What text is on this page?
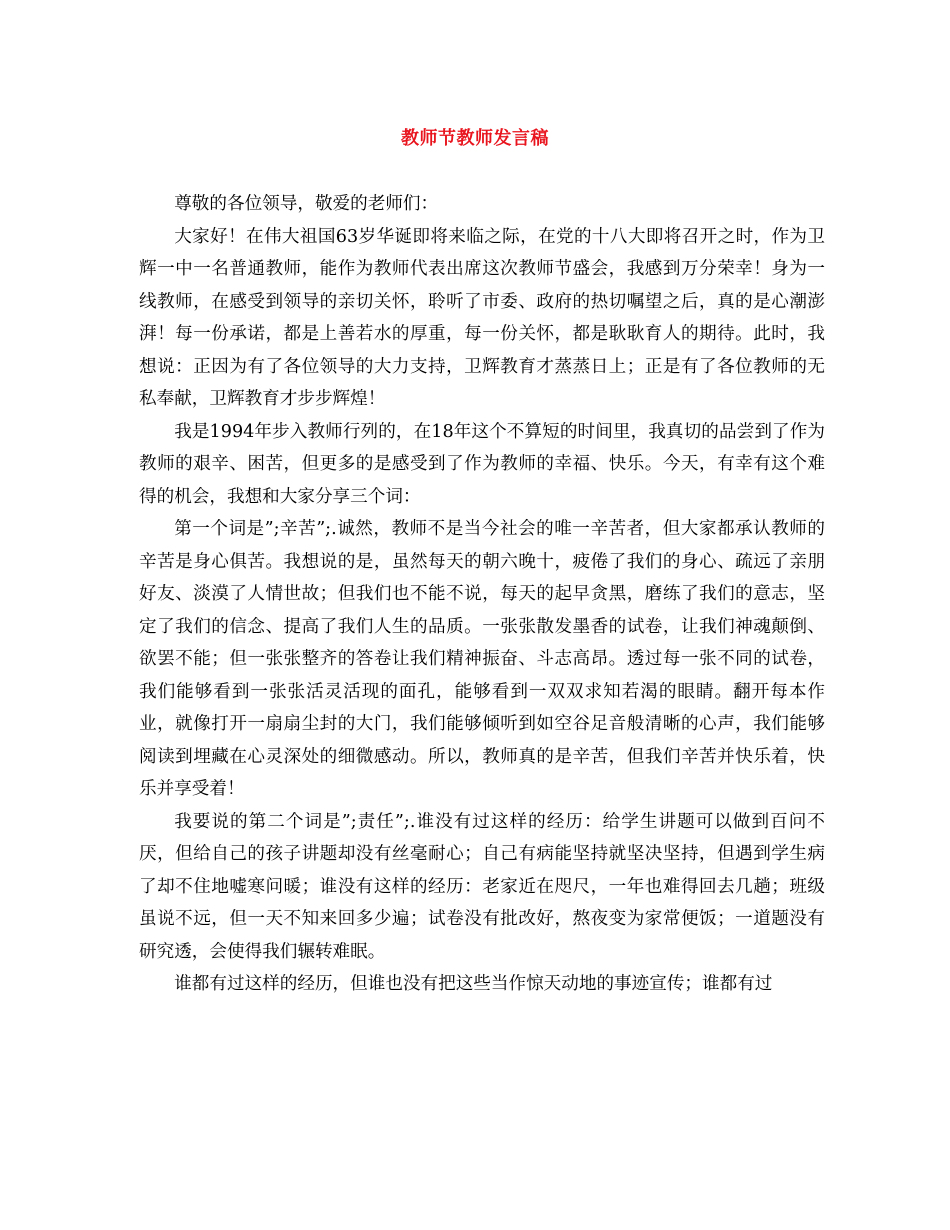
教师节教师发言稿

尊敬的各位领导，敬爱的老师们：

大家好！在伟大祖国63岁华诞即将来临之际，在党的十八大即将召开之时，作为卫辉一中一名普通教师，能作为教师代表出席这次教师节盛会，我感到万分荣幸！身为一线教师，在感受到领导的亲切关怀，聆听了市委、政府的热切嘱望之后，真的是心潮澎湃！每一份承诺，都是上善若水的厚重，每一份关怀，都是耿耿育人的期待。此时，我想说：正因为有了各位领导的大力支持，卫辉教育才蒸蒸日上；正是有了各位教师的无私奉献，卫辉教育才步步辉煌！

我是1994年步入教师行列的，在18年这个不算短的时间里，我真切的品尝到了作为教师的艰辛、困苦，但更多的是感受到了作为教师的幸福、快乐。今天，有幸有这个难得的机会，我想和大家分享三个词：

第一个词是”;辛苦”;.诚然，教师不是当今社会的唯一辛苦者，但大家都承认教师的辛苦是身心俱苦。我想说的是，虽然每天的朝六晚十，疲倦了我们的身心、疏远了亲朋好友、淡漠了人情世故；但我们也不能不说，每天的起早贪黑，磨练了我们的意志，坚定了我们的信念、提高了我们人生的品质。一张张散发墨香的试卷，让我们神魂颠倒、欲罢不能；但一张张整齐的答卷让我们精神振奋、斗志高昂。透过每一张不同的试卷，我们能够看到一张张活灵活现的面孔，能够看到一双双求知若渴的眼睛。翻开每本作业，就像打开一扇扇尘封的大门，我们能够倾听到如空谷足音般清晰的心声，我们能够阅读到埋藏在心灵深处的细微感动。所以，教师真的是辛苦，但我们辛苦并快乐着，快乐并享受着！

我要说的第二个词是”;责任”;.谁没有过这样的经历：给学生讲题可以做到百问不厌，但给自己的孩子讲题却没有丝毫耐心；自己有病能坚持就坚决坚持，但遇到学生病了却不住地嘘寒问暖；谁没有这样的经历：老家近在咫尺，一年也难得回去几趟；班级虽说不远，但一天不知来回多少遍；试卷没有批改好，熬夜变为家常便饭；一道题没有研究透，会使得我们辗转难眠。

谁都有过这样的经历，但谁也没有把这些当作惊天动地的事迹宣传；谁都有过
